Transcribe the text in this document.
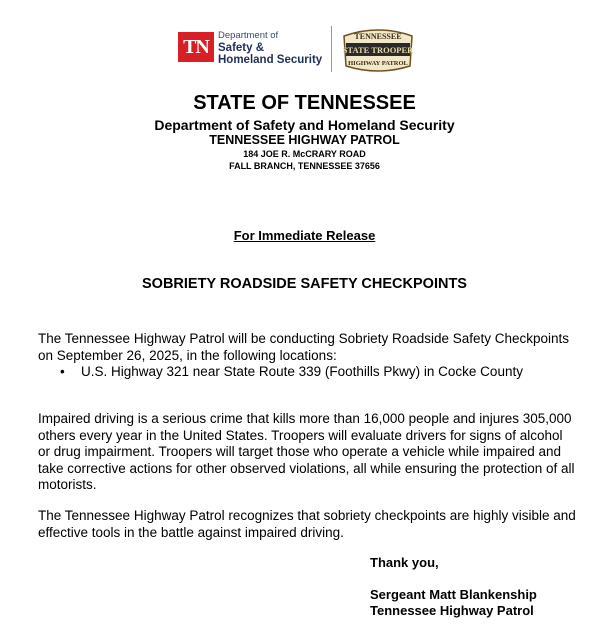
TN
Department of
Safety &
Homeland Security
TENNESSEE
STATE TROOPER
HIGHWAY PATROL
STATE OF TENNESSEE
Department of Safety and Homeland Security
TENNESSEE HIGHWAY PATROL
184 JOE R. McCRARY ROAD
FALL BRANCH, TENNESSEE 37656
For Immediate Release
SOBRIETY ROADSIDE SAFETY CHECKPOINTS
The Tennessee Highway Patrol will be conducting Sobriety Roadside Safety Checkpoints on September 26, 2025, in the following locations:
• U.S. Highway 321 near State Route 339 (Foothills Pkwy) in Cocke County
Impaired driving is a serious crime that kills more than 16,000 people and injures 305,000 others every year in the United States. Troopers will evaluate drivers for signs of alcohol or drug impairment. Troopers will target those who operate a vehicle while impaired and take corrective actions for other observed violations, all while ensuring the protection of all motorists.
The Tennessee Highway Patrol recognizes that sobriety checkpoints are highly visible and effective tools in the battle against impaired driving.
Thank you,
Sergeant Matt Blankenship
Tennessee Highway Patrol
